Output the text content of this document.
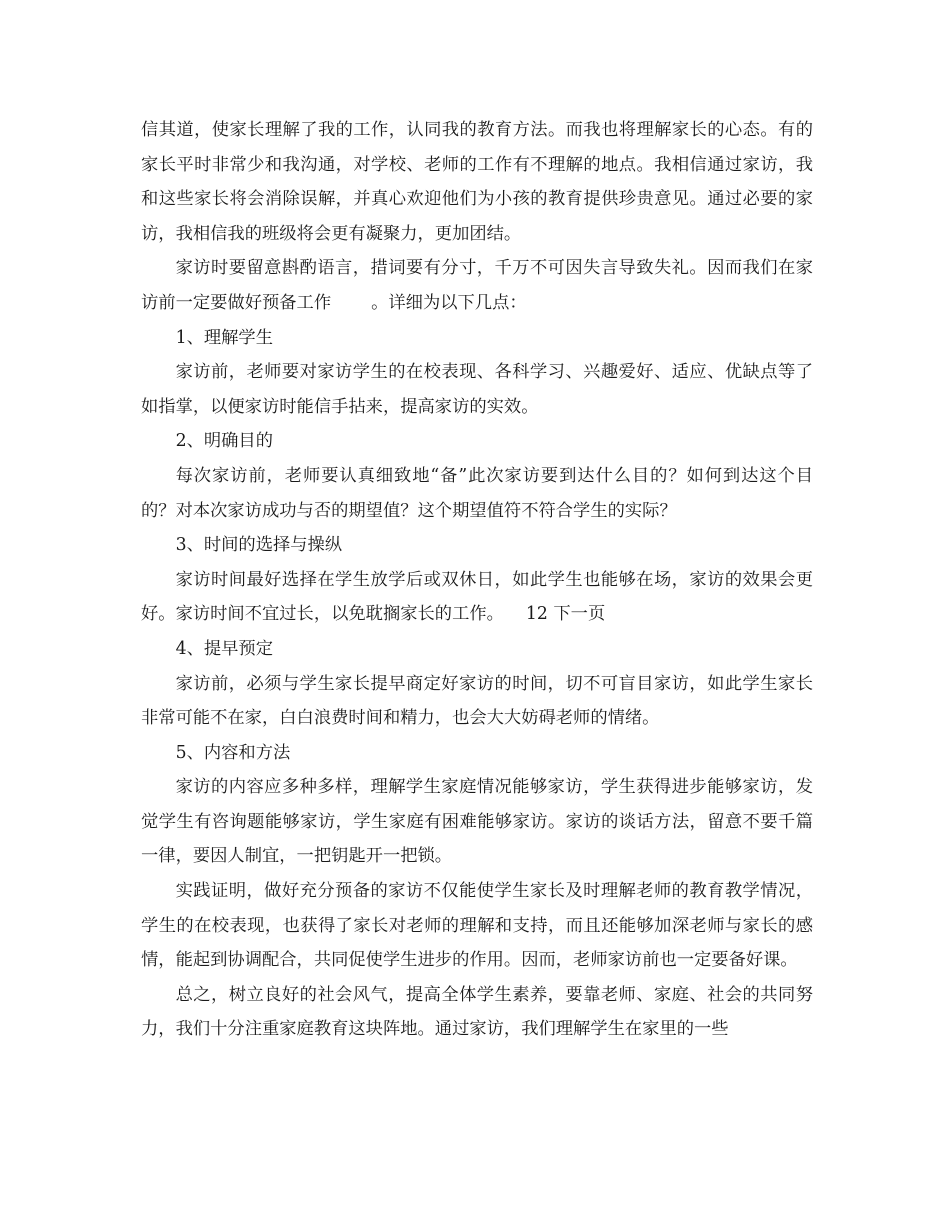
信其道，使家长理解了我的工作，认同我的教育方法。而我也将理解家长的心态。有的家长平时非常少和我沟通，对学校、老师的工作有不理解的地点。我相信通过家访，我和这些家长将会消除误解，并真心欢迎他们为小孩的教育提供珍贵意见。通过必要的家访，我相信我的班级将会更有凝聚力，更加团结。

家访时要留意斟酌语言，措词要有分寸，千万不可因失言导致失礼。因而我们在家访前一定要做好预备工作 。详细为以下几点：

1、理解学生

家访前，老师要对家访学生的在校表现、各科学习、兴趣爱好、适应、优缺点等了如指掌，以便家访时能信手拈来，提高家访的实效。

2、明确目的

每次家访前，老师要认真细致地“备”此次家访要到达什么目的？如何到达这个目的？对本次家访成功与否的期望值？这个期望值符不符合学生的实际？

3、时间的选择与操纵

家访时间最好选择在学生放学后或双休日，如此学生也能够在场，家访的效果会更好。家访时间不宜过长，以免耽搁家长的工作。 12 下一页

4、提早预定

家访前，必须与学生家长提早商定好家访的时间，切不可盲目家访，如此学生家长非常可能不在家，白白浪费时间和精力，也会大大妨碍老师的情绪。

5、内容和方法

家访的内容应多种多样，理解学生家庭情况能够家访，学生获得进步能够家访，发觉学生有咨询题能够家访，学生家庭有困难能够家访。家访的谈话方法，留意不要千篇一律，要因人制宜，一把钥匙开一把锁。

实践证明，做好充分预备的家访不仅能使学生家长及时理解老师的教育教学情况，学生的在校表现，也获得了家长对老师的理解和支持，而且还能够加深老师与家长的感情，能起到协调配合，共同促使学生进步的作用。因而，老师家访前也一定要备好课。

总之，树立良好的社会风气，提高全体学生素养，要靠老师、家庭、社会的共同努力，我们十分注重家庭教育这块阵地。通过家访，我们理解学生在家里的一些
